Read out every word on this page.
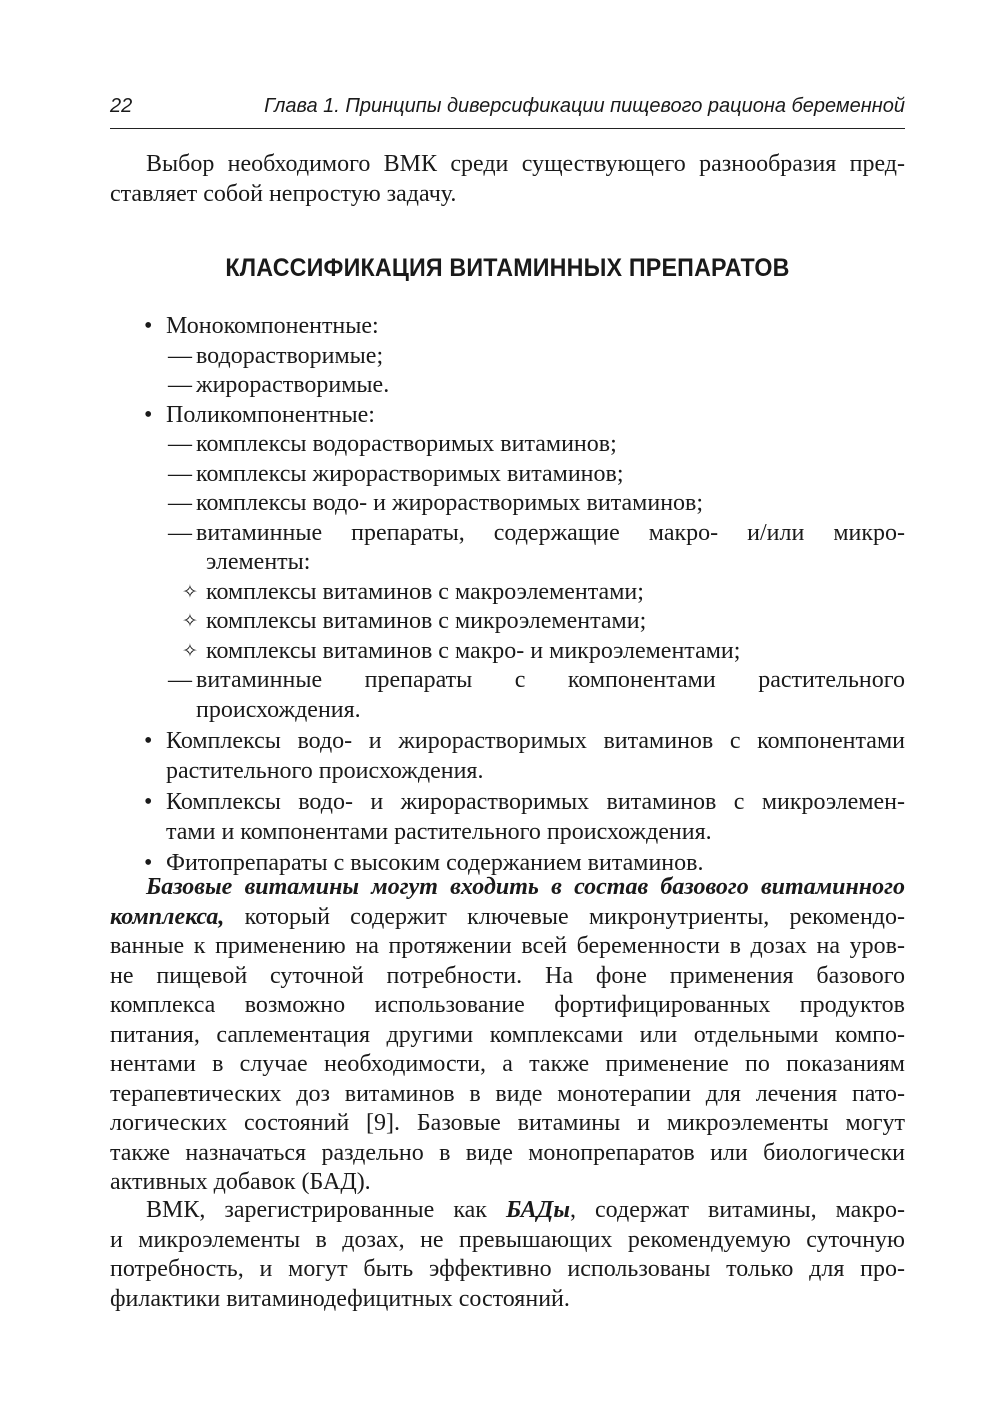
22	Глава 1. Принципы диверсификации пищевого рациона беременной
Выбор необходимого ВМК среди существующего разнообразия пред-
ставляет собой непростую задачу.
КЛАССИФИКАЦИЯ ВИТАМИННЫХ ПРЕПАРАТОВ
• Монокомпонентные:
— водорастворимые;
— жирорастворимые.
• Поликомпонентные:
— комплексы водорастворимых витаминов;
— комплексы жирорастворимых витаминов;
— комплексы водо- и жирорастворимых витаминов;
— витаминные препараты, содержащие макро- и/или микро-
элементы:
✧ комплексы витаминов с макроэлементами;
✧ комплексы витаминов с микроэлементами;
✧ комплексы витаминов с макро- и микроэлементами;
— витаминные препараты с компонентами растительного
происхождения.
• Комплексы водо- и жирорастворимых витаминов с компонентами
растительного происхождения.
• Комплексы водо- и жирорастворимых витаминов с микроэлемен-
тами и компонентами растительного происхождения.
• Фитопрепараты с высоким содержанием витаминов.
Базовые витамины могут входить в состав базового витаминного
комплекса, который содержит ключевые микронутриенты, рекомендо-
ванные к применению на протяжении всей беременности в дозах на уров-
не пищевой суточной потребности. На фоне применения базового
комплекса возможно использование фортифицированных продуктов
питания, саплементация другими комплексами или отдельными компо-
нентами в случае необходимости, а также применение по показаниям
терапевтических доз витаминов в виде монотерапии для лечения пато-
логических состояний [9]. Базовые витамины и микроэлементы могут
также назначаться раздельно в виде монопрепаратов или биологически
активных добавок (БАД).
ВМК, зарегистрированные как БАДы, содержат витамины, макро-
и микроэлементы в дозах, не превышающих рекомендуемую суточную
потребность, и могут быть эффективно использованы только для про-
филактики витаминодефицитных состояний.
